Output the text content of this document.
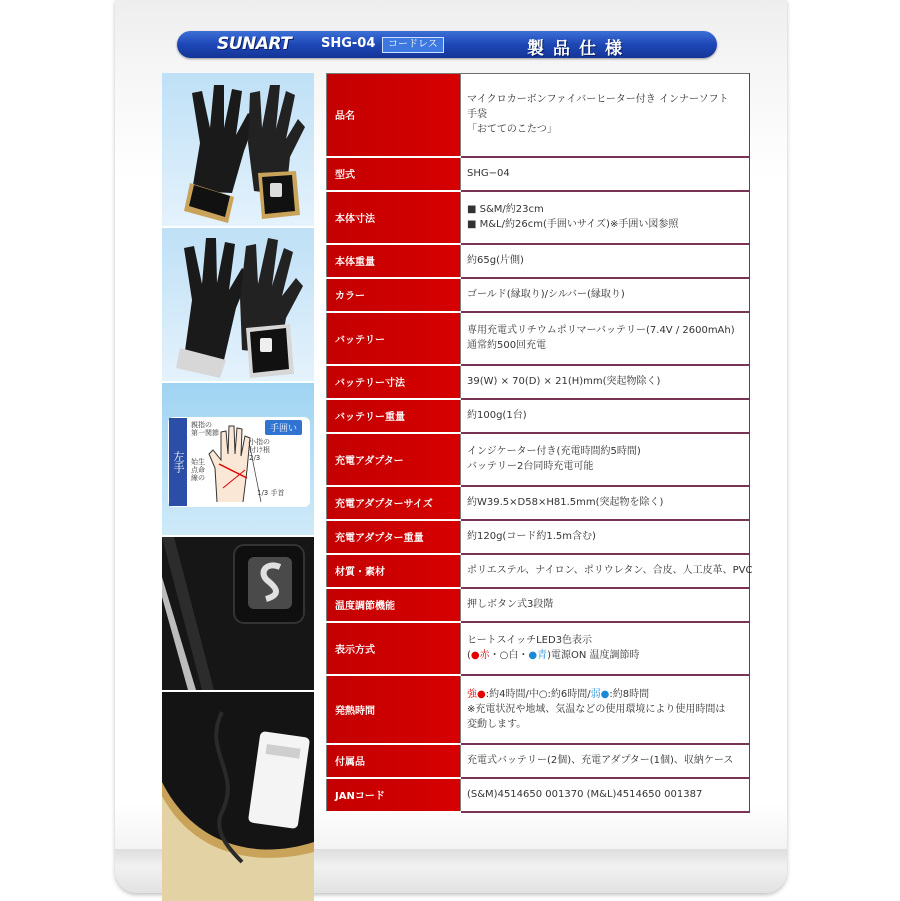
SUNART SHG-04	コードレス	製品仕様
左手
親指の
第一関節	手囲い
小指の
付け根
2/3
始生
点命
線の
1/3 手首
品名	マイクロカーボンファイバーヒーター付き インナーソフト
手袋
「おててのこたつ」

型式	SHG−04

本体寸法	■ S&M/約23cm
■ M&L/約26cm(手囲いサイズ)※手囲い図参照

本体重量	約65g(片側)

カラー	ゴールド(縁取り)/シルバー(縁取り)

バッテリー	専用充電式リチウムポリマーバッテリー(7.4V / 2600mAh)
通常約500回充電

バッテリー寸法	39(W) × 70(D) × 21(H)mm(突起物除く)

バッテリー重量	約100g(1台)

充電アダプター	インジケーター付き(充電時間約5時間)
バッテリー2台同時充電可能

充電アダプターサイズ	約W39.5×D58×H81.5mm(突起物を除く)

充電アダプター重量	約120g(コード約1.5m含む)

材質・素材	ポリエステル、ナイロン、ポリウレタン、合皮、人工皮革、PVC

温度調節機能	押しボタン式3段階

表示方式	ヒートスイッチLED3色表示
(●赤・○白・●青)電源ON 温度調節時

発熱時間	強●:約4時間/中○:約6時間/弱●:約8時間
※充電状況や地域、気温などの使用環境により使用時間は
変動します。

付属品	充電式バッテリー(2個)、充電アダプター(1個)、収納ケース

JANコード	(S&M)4514650 001370 (M&L)4514650 001387
